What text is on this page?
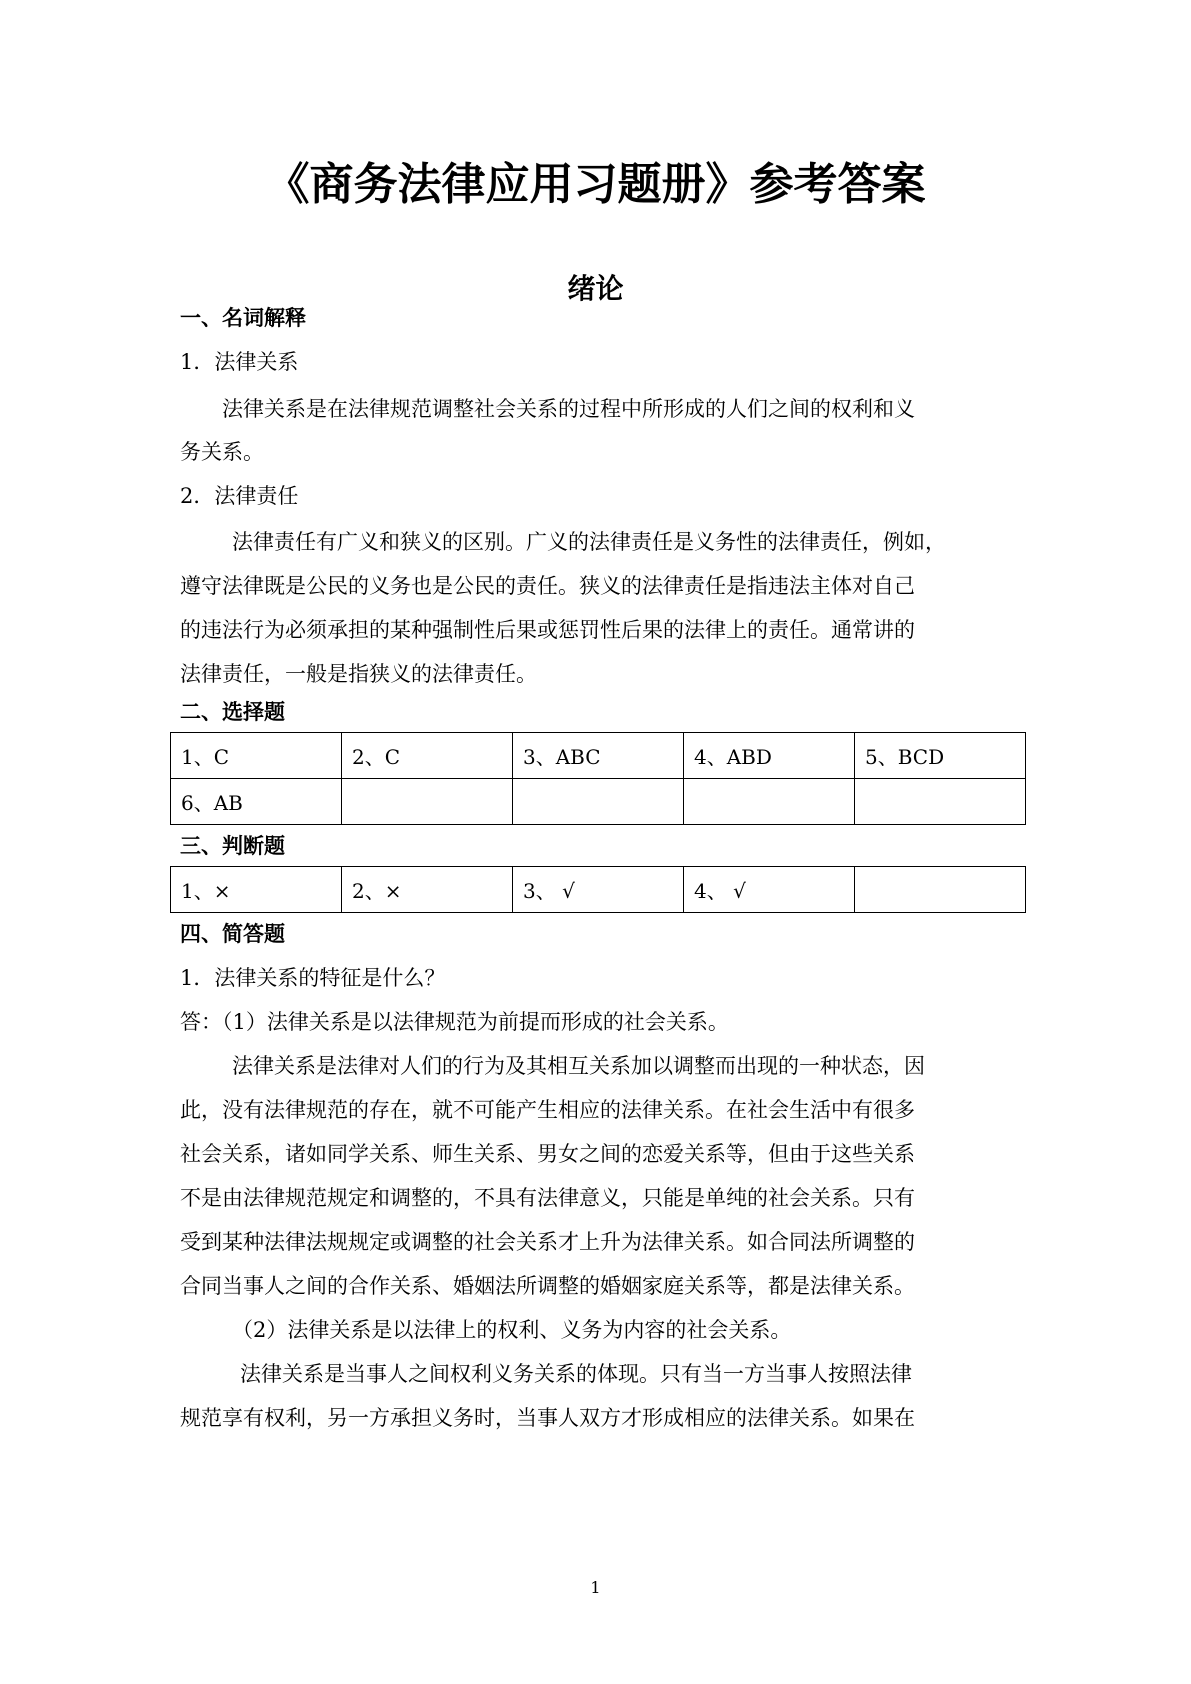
《商务法律应用习题册》参考答案
绪论
一、名词解释
1．法律关系
法律关系是在法律规范调整社会关系的过程中所形成的人们之间的权利和义
务关系。
2．法律责任
法律责任有广义和狭义的区别。广义的法律责任是义务性的法律责任，例如，
遵守法律既是公民的义务也是公民的责任。狭义的法律责任是指违法主体对自己
的违法行为必须承担的某种强制性后果或惩罚性后果的法律上的责任。通常讲的
法律责任，一般是指狭义的法律责任。
二、选择题
1、C	2、C	3、ABC	4、ABD	5、BCD
6、AB				
三、判断题
1、×	2、×	3、 √	4、 √	
四、简答题
1．法律关系的特征是什么？
答：（1）法律关系是以法律规范为前提而形成的社会关系。
法律关系是法律对人们的行为及其相互关系加以调整而出现的一种状态，因
此，没有法律规范的存在，就不可能产生相应的法律关系。在社会生活中有很多
社会关系，诸如同学关系、师生关系、男女之间的恋爱关系等，但由于这些关系
不是由法律规范规定和调整的，不具有法律意义，只能是单纯的社会关系。只有
受到某种法律法规规定或调整的社会关系才上升为法律关系。如合同法所调整的
合同当事人之间的合作关系、婚姻法所调整的婚姻家庭关系等，都是法律关系。
（2）法律关系是以法律上的权利、义务为内容的社会关系。
法律关系是当事人之间权利义务关系的体现。只有当一方当事人按照法律
规范享有权利，另一方承担义务时，当事人双方才形成相应的法律关系。如果在
1
